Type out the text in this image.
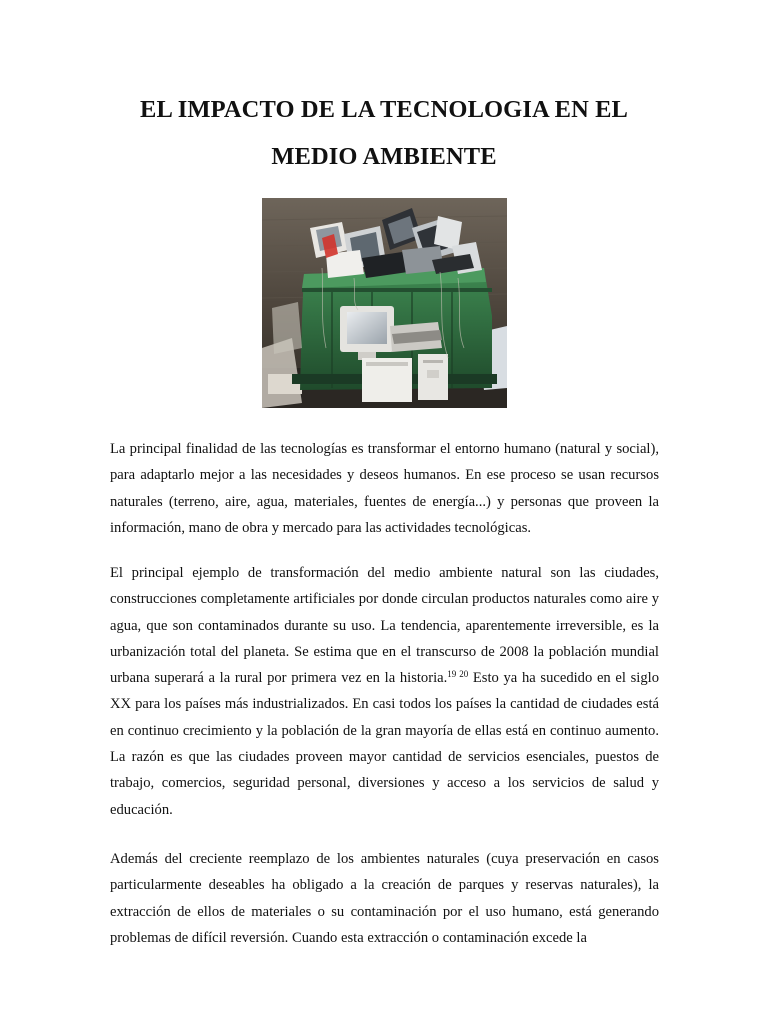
EL IMPACTO DE LA TECNOLOGIA EN EL
MEDIO AMBIENTE

La principal finalidad de las tecnologías es transformar el entorno humano (natural y social), para adaptarlo mejor a las necesidades y deseos humanos. En ese proceso se usan recursos naturales (terreno, aire, agua, materiales, fuentes de energía...) y personas que proveen la información, mano de obra y mercado para las actividades tecnológicas.

El principal ejemplo de transformación del medio ambiente natural son las ciudades, construcciones completamente artificiales por donde circulan productos naturales como aire y agua, que son contaminados durante su uso. La tendencia, aparentemente irreversible, es la urbanización total del planeta. Se estima que en el transcurso de 2008 la población mundial urbana superará a la rural por primera vez en la historia.$^{19}$  $^{20}$ Esto ya ha sucedido en el siglo XX para los países más industrializados. En casi todos los países la cantidad de ciudades está en continuo crecimiento y la población de la gran mayoría de ellas está en continuo aumento. La razón es que las ciudades proveen mayor cantidad de servicios esenciales, puestos de trabajo, comercios, seguridad personal, diversiones y acceso a los servicios de salud y educación.

Además del creciente reemplazo de los ambientes naturales (cuya preservación en casos particularmente deseables ha obligado a la creación de parques y reservas naturales), la extracción de ellos de materiales o su contaminación por el uso humano, está generando problemas de difícil reversión. Cuando esta extracción o contaminación excede la
